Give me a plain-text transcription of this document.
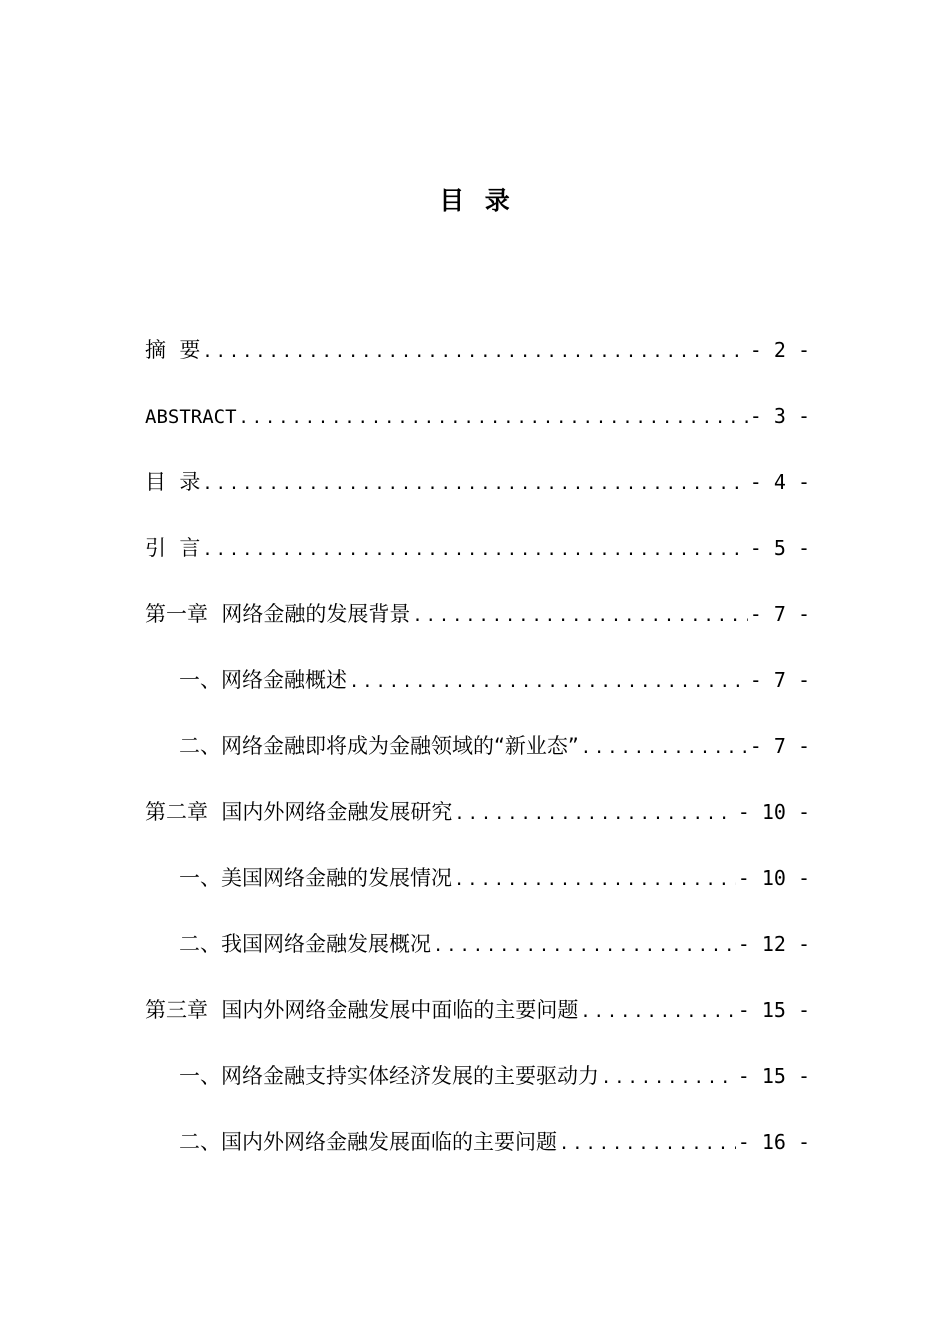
目  录
摘  要 .....	- 2 -
ABSTRACT .....	- 3 -
目  录 .....	- 4 -
引  言 .....	- 5 -
第一章  网络金融的发展背景 .....	- 7 -
一、网络金融概述 .....	- 7 -
二、网络金融即将成为金融领域的“新业态” .....	- 7 -
第二章  国内外网络金融发展研究 .....	- 10 -
一、美国网络金融的发展情况 .....	- 10 -
二、我国网络金融发展概况 .....	- 12 -
第三章  国内外网络金融发展中面临的主要问题 .....	- 15 -
一、网络金融支持实体经济发展的主要驱动力 .....	- 15 -
二、国内外网络金融发展面临的主要问题 .....	- 16 -
